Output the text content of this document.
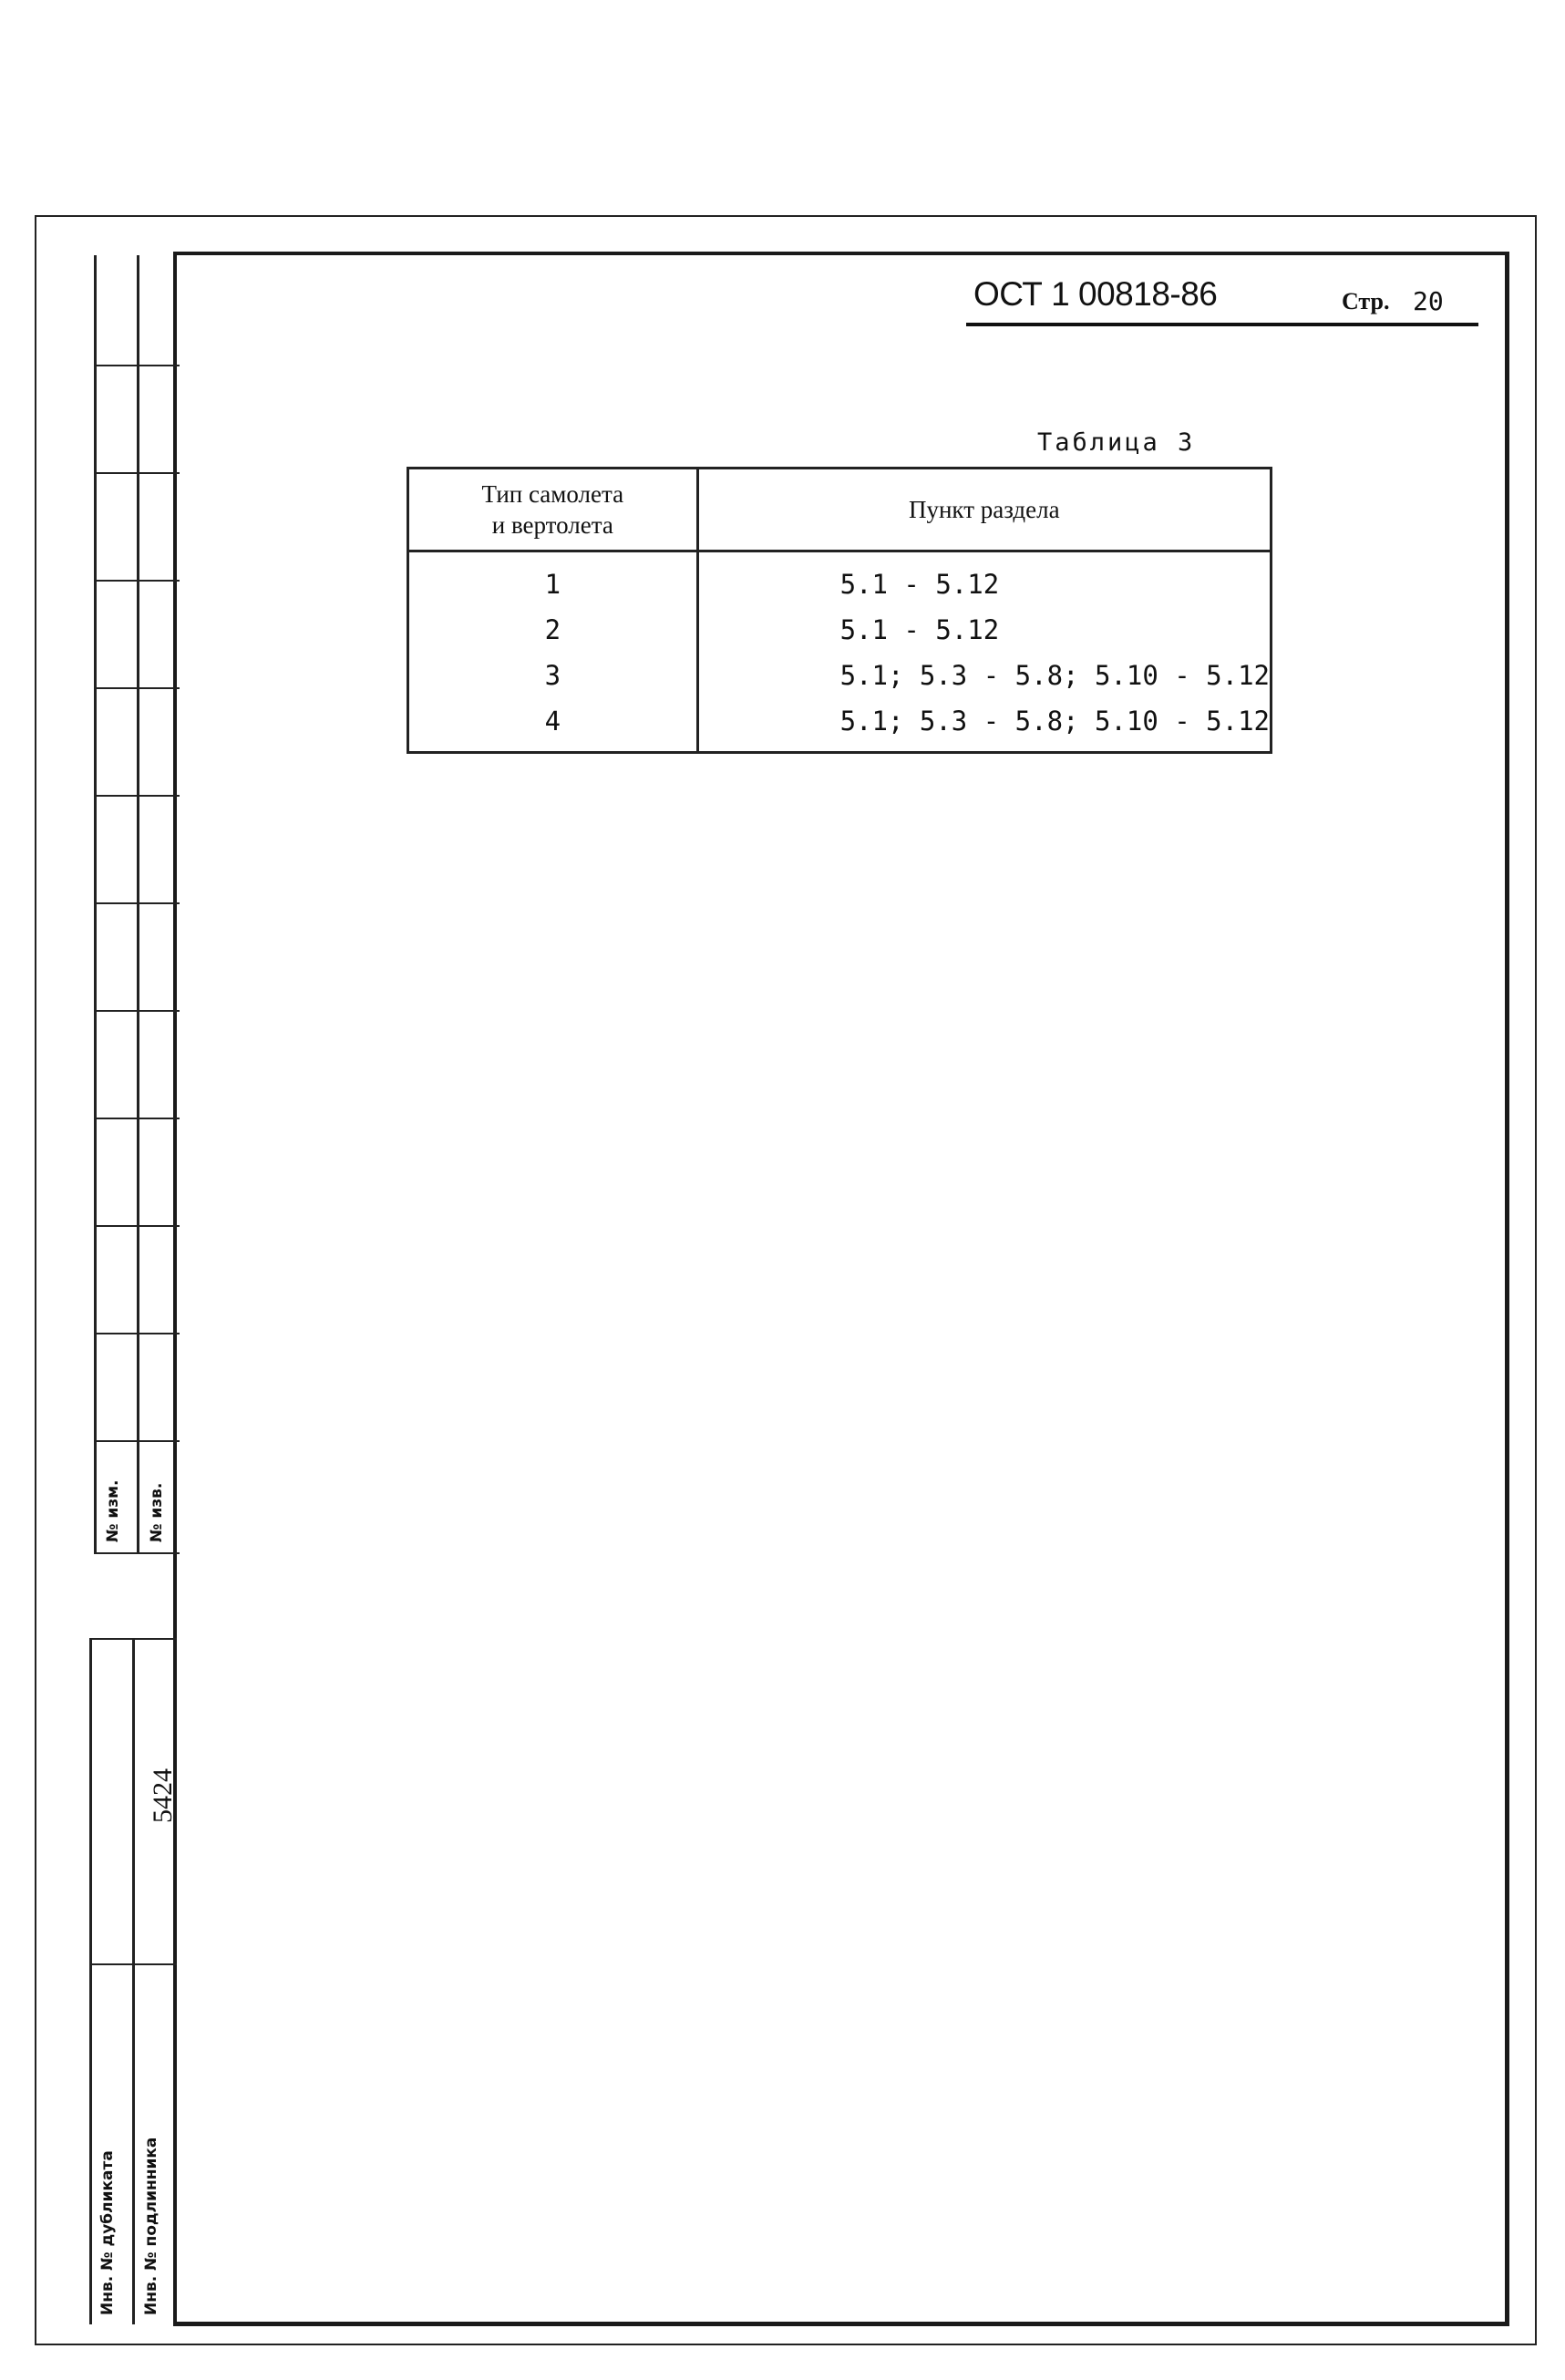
№ изм. № изв.
Инв. № дубликата Инв. № подлинника
5424
ОСТ 1 00818-86	Стр. 20
Таблица 3
Тип самолета
и вертолета	Пункт раздела
1	5.1 - 5.12
2	5.1 - 5.12
3	5.1; 5.3 - 5.8; 5.10 - 5.12
4	5.1; 5.3 - 5.8; 5.10 - 5.12
